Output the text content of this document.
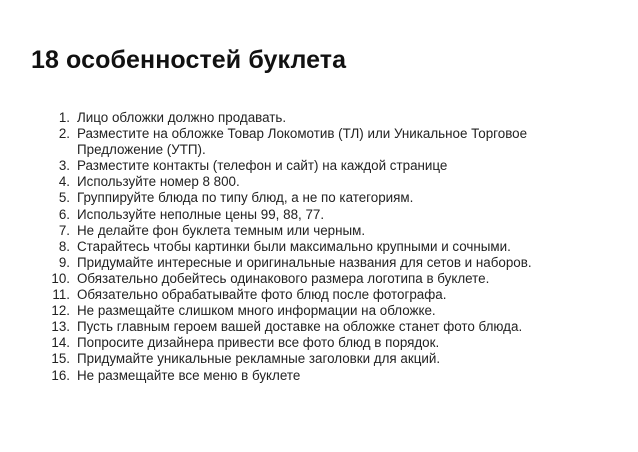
18 особенностей буклета
1. Лицо обложки должно продавать.
2. Разместите на обложке Товар Локомотив (ТЛ) или Уникальное Торговое Предложение (УТП).
3. Разместите контакты (телефон и сайт) на каждой странице
4. Используйте номер 8 800.
5. Группируйте блюда по типу блюд, а не по категориям.
6. Используйте неполные цены 99, 88, 77.
7. Не делайте фон буклета темным или черным.
8. Старайтесь чтобы картинки были максимально крупными и сочными.
9. Придумайте интересные и оригинальные названия для сетов и наборов.
10. Обязательно добейтесь одинакового размера логотипа в буклете.
11. Обязательно обрабатывайте фото блюд после фотографа.
12. Не размещайте слишком много информации на обложке.
13. Пусть главным героем вашей доставке на обложке станет фото блюда.
14. Попросите дизайнера привести все фото блюд в порядок.
15. Придумайте уникальные рекламные заголовки для акций.
16. Не размещайте все меню в буклете
